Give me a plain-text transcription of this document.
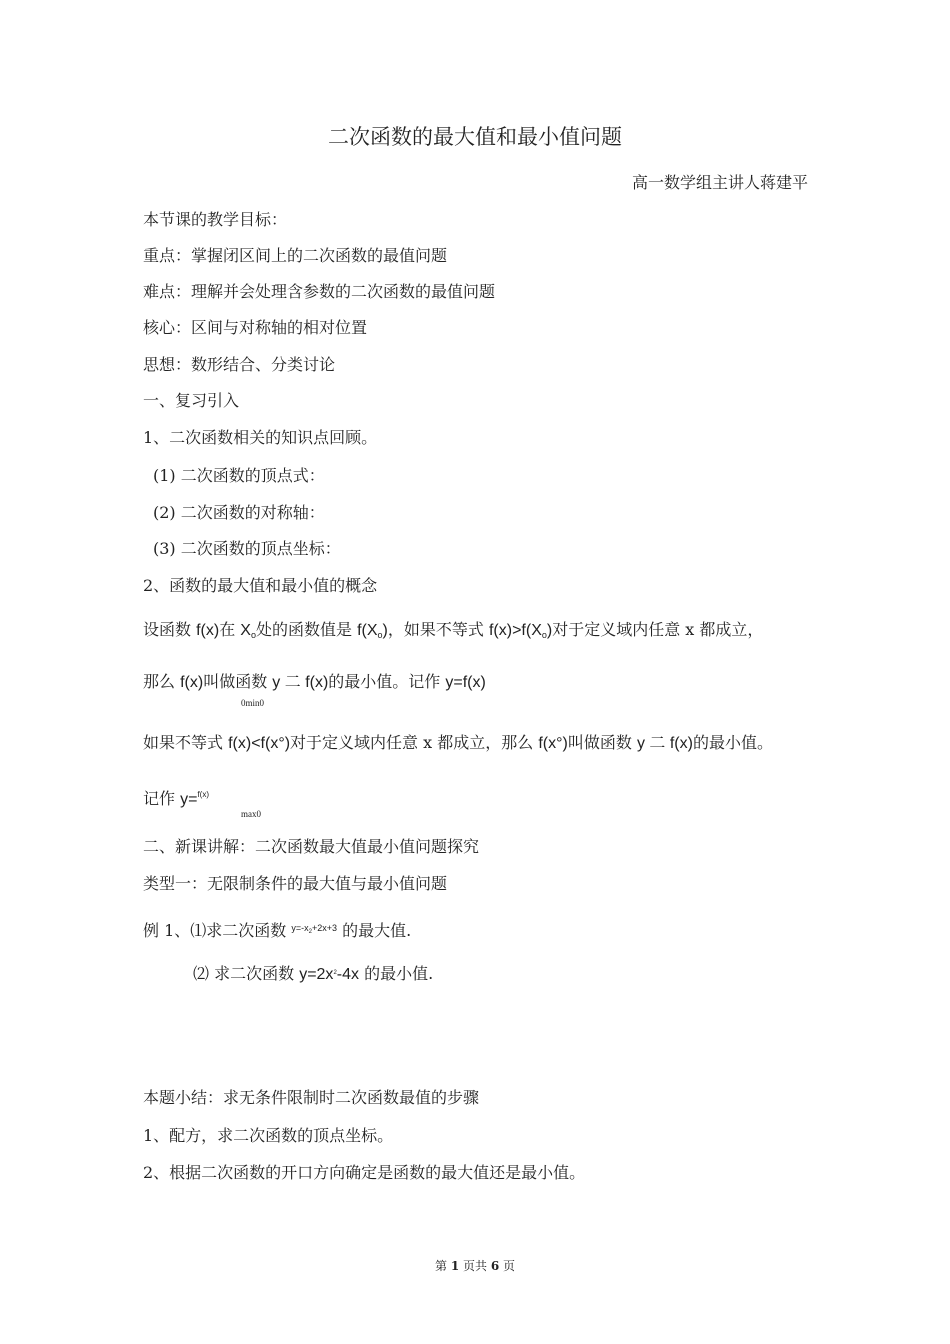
二次函数的最大值和最小值问题
高一数学组主讲人蒋建平
本节课的教学目标：
重点：掌握闭区间上的二次函数的最值问题
难点：理解并会处理含参数的二次函数的最值问题
核心：区间与对称轴的相对位置
思想：数形结合、分类讨论
一、复习引入
1、二次函数相关的知识点回顾。
(1) 二次函数的顶点式：
(2) 二次函数的对称轴：
(3) 二次函数的顶点坐标：
2、函数的最大值和最小值的概念
设函数 f(x)在 $X_o$处的函数值是 $f(X_o)$，如果不等式 $f(x)>f(X_o)$对于定义域内任意 x 都成立，
那么 f(x)叫做函数 y 二 f(x)的最小值。记作 y=f(x)
0min0
如果不等式 f(x)<f(x°)对于定义域内任意 x 都成立，那么 f(x°)叫做函数 y 二 f(x)的最小值。
记作 y=$^{f(x)}$
max0
二、新课讲解：二次函数最大值最小值问题探究
类型一：无限制条件的最大值与最小值问题
例 1、⑴求二次函数 $^{y=-x}2^{+2x+3}$ 的最大值.
⑵ 求二次函数 $y=2x^2-4x$ 的最小值.
本题小结：求无条件限制时二次函数最值的步骤
1、配方，求二次函数的顶点坐标。
2、根据二次函数的开口方向确定是函数的最大值还是最小值。
第 1 页共 6 页
